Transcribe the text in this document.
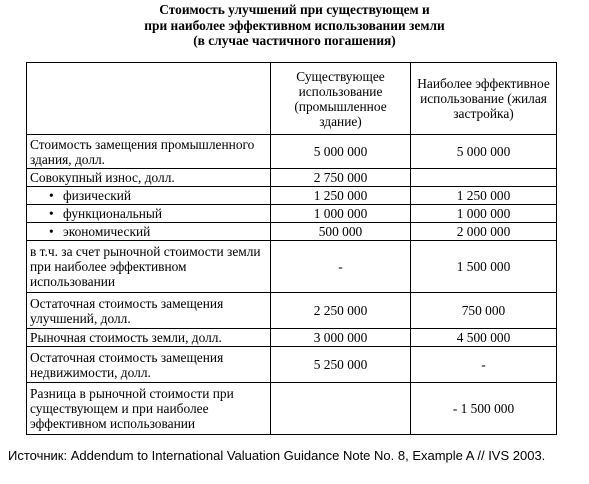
Стоимость улучшений при существующем и
при наиболее эффективном использовании земли
(в случае частичного погашения)
	Существующее использование (промышленное здание)	Наиболее эффективное использование (жилая застройка)
Стоимость замещения промышленного здания, долл.	5 000 000	5 000 000
Совокупный износ, долл.	2 750 000	
• физический	1 250 000	1 250 000
• функциональный	1 000 000	1 000 000
• экономический	500 000	2 000 000
в т.ч. за счет рыночной стоимости земли при наиболее эффективном использовании	-	1 500 000
Остаточная стоимость замещения улучшений, долл.	2 250 000	750 000
Рыночная стоимость земли, долл.	3 000 000	4 500 000
Остаточная стоимость замещения недвижимости, долл.	5 250 000	-
Разница в рыночной стоимости при существующем и при наиболее эффективном использовании		- 1 500 000
Источник: Addendum to International Valuation Guidance Note No. 8, Example A // IVS 2003.
